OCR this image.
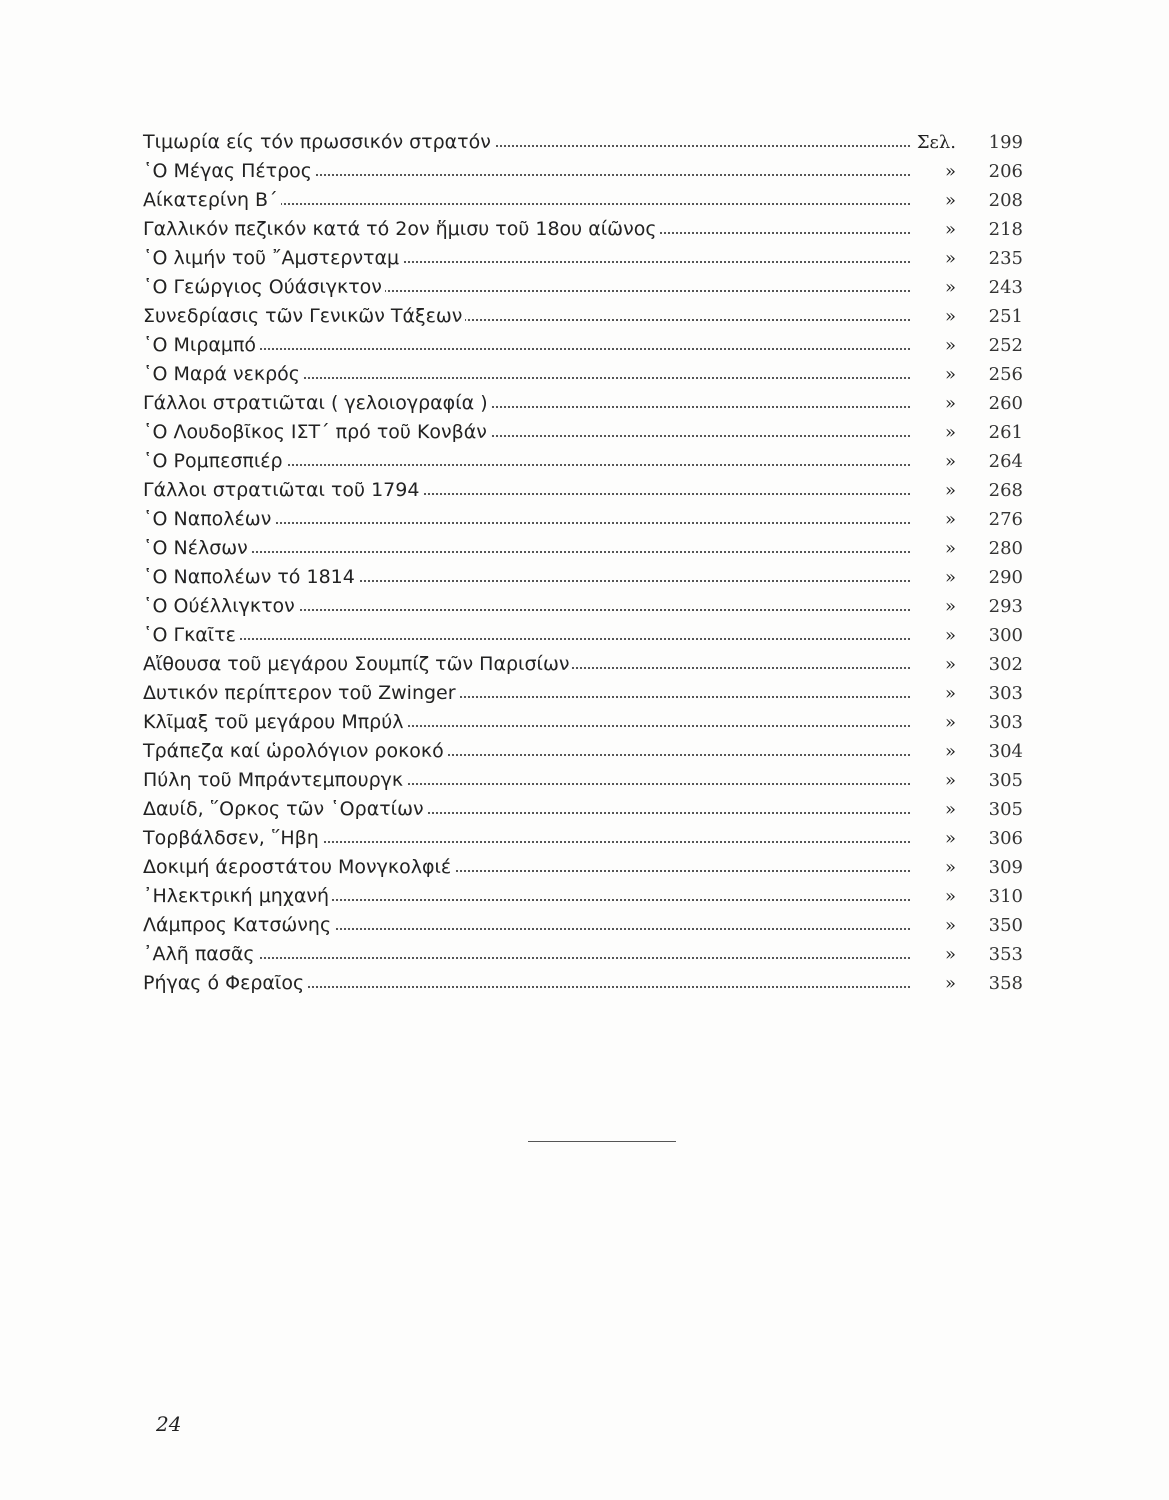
Τιμωρία είς τόν πρωσσικόν στρατόν	Σελ. 199
῾Ο Μέγας Πέτρος	» 206
Αίκατερίνη Β΄	» 208
Γαλλικόν πεζικόν κατά τό 2ον ἥμισυ τοῦ 18ου αίῶνος	» 218
῾Ο λιμήν τοῦ ῎Αμστερνταμ	» 235
῾Ο Γεώργιος Ούάσιγκτον	» 243
Συνεδρίασις τῶν Γενικῶν Τάξεων	» 251
῾Ο Μιραμπό	» 252
῾Ο Μαρά νεκρός	» 256
Γάλλοι στρατιῶται ( γελοιογραφία )	» 260
῾Ο Λουδοβῖκος ΙΣΤ΄ πρό τοῦ Κονβάν	» 261
῾Ο Ρομπεσπιέρ	» 264
Γάλλοι στρατιῶται τοῦ 1794	» 268
῾Ο Ναπολέων	» 276
῾Ο Νέλσων	» 280
῾Ο Ναπολέων τό 1814	» 290
῾Ο Ούέλλιγκτον	» 293
῾Ο Γκαῖτε	» 300
Αἴθουσα τοῦ μεγάρου Σουμπίζ τῶν Παρισίων	» 302
Δυτικόν περίπτερον τοῦ Zwinger	» 303
Κλῖμαξ τοῦ μεγάρου Μπρύλ	» 303
Τράπεζα καί ὡρολόγιον ροκοκό	» 304
Πύλη τοῦ Μπράντεμπουργκ	» 305
Δαυίδ, ῞Ορκος τῶν ῾Ορατίων	» 305
Τορβάλδσεν, ῞Ηβη	» 306
Δοκιμή άεροστάτου Μονγκολφιέ	» 309
᾿Ηλεκτρική μηχανή	» 310
Λάμπρος Κατσώνης	» 350
᾿Αλῆ πασᾶς	» 353
Ρήγας ό Φεραῖος	» 358
24
